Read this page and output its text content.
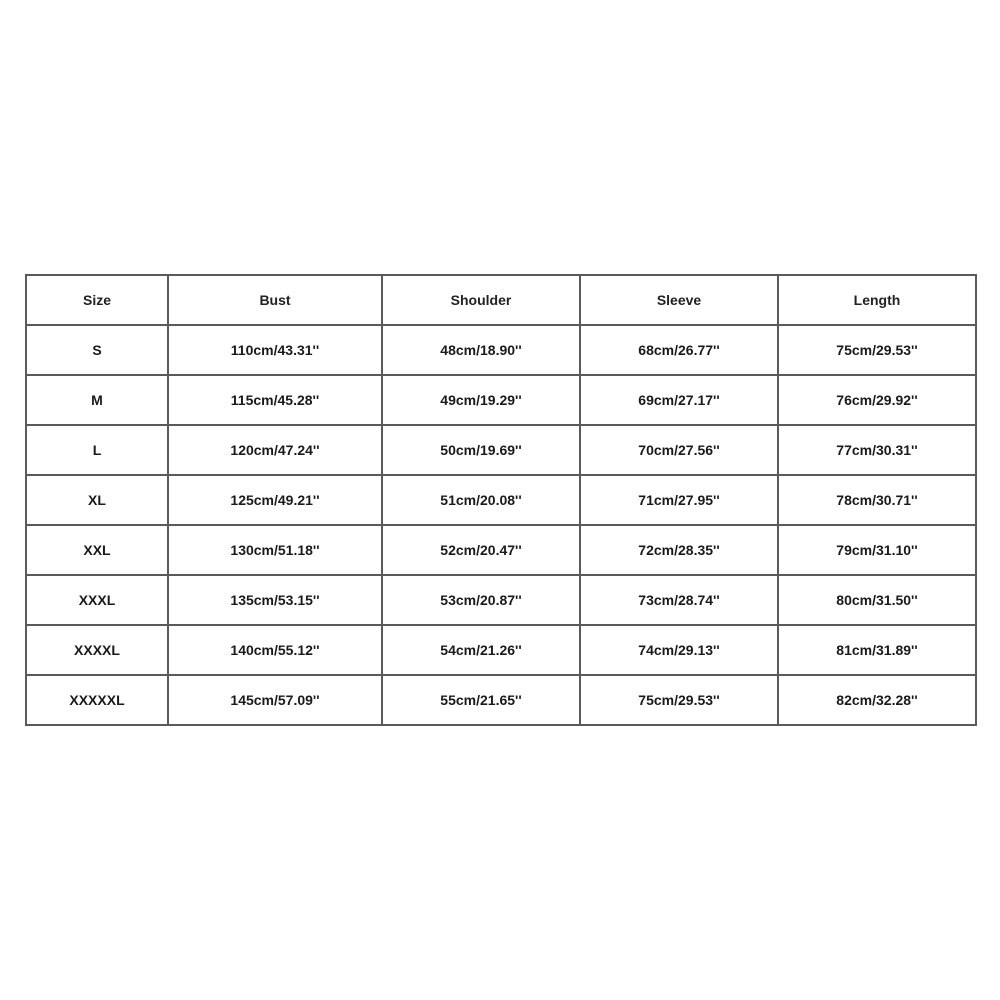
Size	Bust	Shoulder	Sleeve	Length
S	110cm/43.31''	48cm/18.90''	68cm/26.77''	75cm/29.53''
M	115cm/45.28''	49cm/19.29''	69cm/27.17''	76cm/29.92''
L	120cm/47.24''	50cm/19.69''	70cm/27.56''	77cm/30.31''
XL	125cm/49.21''	51cm/20.08''	71cm/27.95''	78cm/30.71''
XXL	130cm/51.18''	52cm/20.47''	72cm/28.35''	79cm/31.10''
XXXL	135cm/53.15''	53cm/20.87''	73cm/28.74''	80cm/31.50''
XXXXL	140cm/55.12''	54cm/21.26''	74cm/29.13''	81cm/31.89''
XXXXXL	145cm/57.09''	55cm/21.65''	75cm/29.53''	82cm/32.28''
